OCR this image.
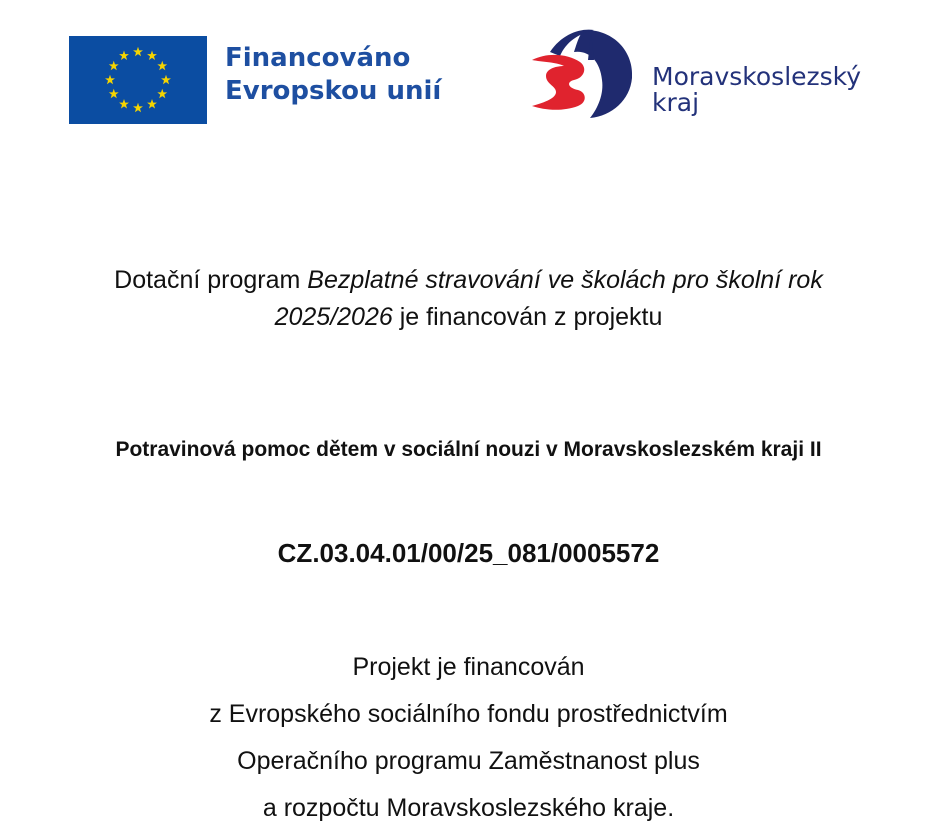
Financováno
Evropskou unií	Moravskoslezský
kraj
Dotační program Bezplatné stravování ve školách pro školní rok
2025/2026 je financován z projektu
Potravinová pomoc dětem v sociální nouzi v Moravskoslezském kraji II
CZ.03.04.01/00/25_081/0005572
Projekt je financován
z Evropského sociálního fondu prostřednictvím
Operačního programu Zaměstnanost plus
a rozpočtu Moravskoslezského kraje.
